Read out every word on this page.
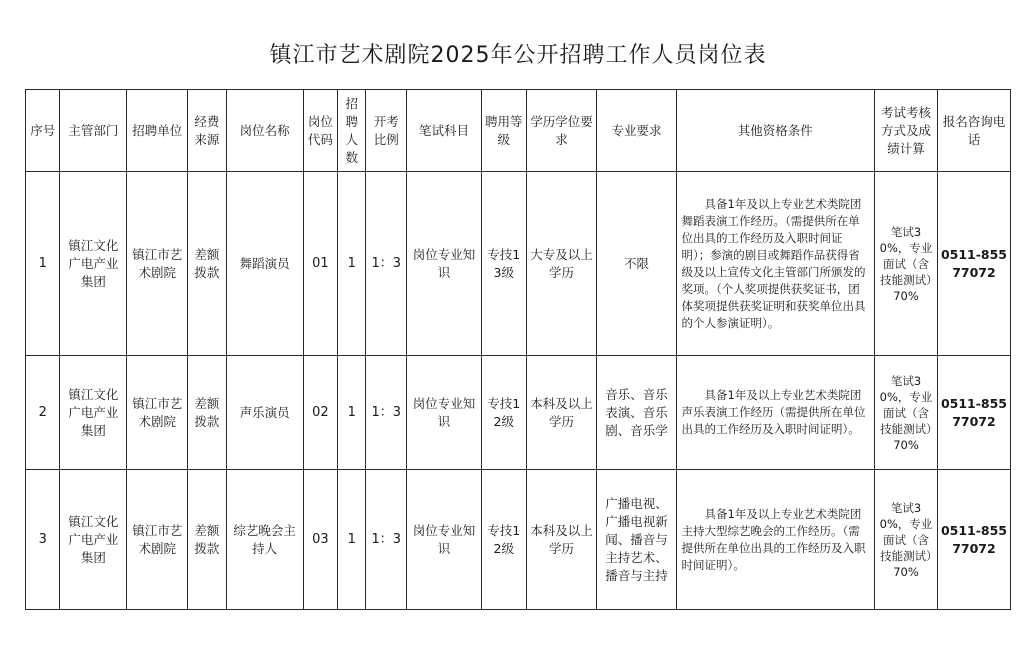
镇江市艺术剧院2025年公开招聘工作人员岗位表
序号	主管部门	招聘单位	经费来源	岗位名称	岗位代码	招聘人数	开考比例	笔试科目	聘用等级	学历学位要求	专业要求	其他资格条件	考试考核方式及成绩计算	报名咨询电话
1	镇江文化广电产业集团	镇江市艺术剧院	差额拨款	舞蹈演员	01	1	1：3	岗位专业知识	专技13级	大专及以上学历	不限	具备1年及以上专业艺术类院团舞蹈表演工作经历。（需提供所在单位出具的工作经历及入职时间证明）；参演的剧目或舞蹈作品获得省级及以上宣传文化主管部门所颁发的奖项。（个人奖项提供获奖证书，团体奖项提供获奖证明和获奖单位出具的个人参演证明）。	笔试30%，专业面试（含技能测试）70%	0511-85577072
2	镇江文化广电产业集团	镇江市艺术剧院	差额拨款	声乐演员	02	1	1：3	岗位专业知识	专技12级	本科及以上学历	音乐、音乐表演、音乐剧、音乐学	具备1年及以上专业艺术类院团声乐表演工作经历（需提供所在单位出具的工作经历及入职时间证明）。	笔试30%，专业面试（含技能测试）70%	0511-85577072
3	镇江文化广电产业集团	镇江市艺术剧院	差额拨款	综艺晚会主持人	03	1	1：3	岗位专业知识	专技12级	本科及以上学历	广播电视、广播电视新闻、播音与主持艺术、播音与主持	具备1年及以上专业艺术类院团主持大型综艺晚会的工作经历。（需提供所在单位出具的工作经历及入职时间证明）。	笔试30%，专业面试（含技能测试）70%	0511-85577072
